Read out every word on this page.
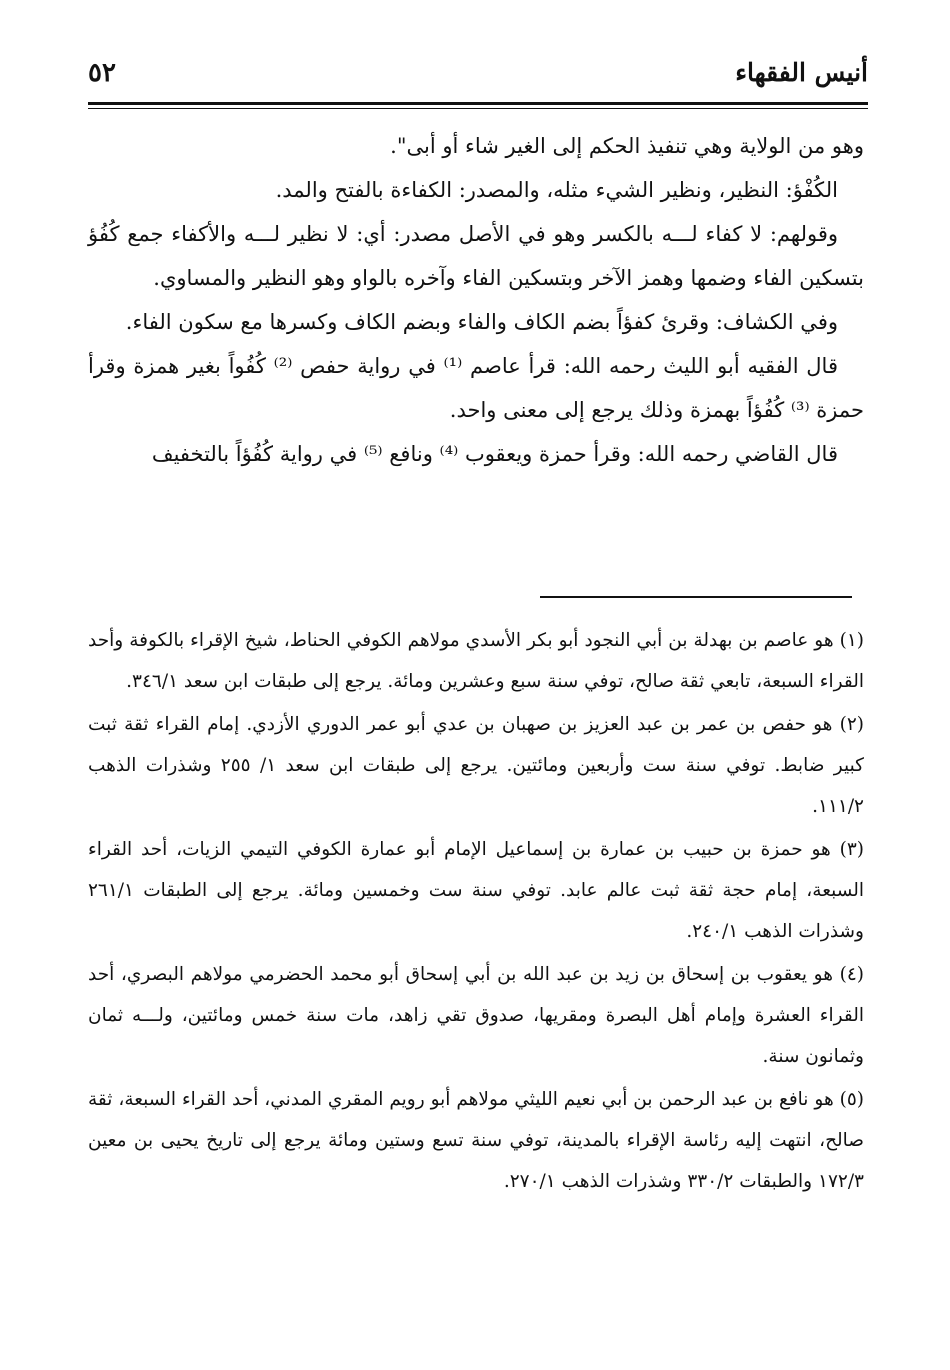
أنيس الفقهاء
٥٢

وهو من الولاية وهي تنفيذ الحكم إلى الغير شاء أو أبى".

الكُفْؤ: النظير، ونظير الشيء مثله، والمصدر: الكفاءة بالفتح والمد.

وقولهم: لا كفاء لـــه بالكسر وهو في الأصل مصدر: أي: لا نظير لـــه والأكفاء جمع كُفُؤ بتسكين الفاء وضمها وهمز الآخر وبتسكين الفاء وآخره بالواو وهو النظير والمساوي.

وفي الكشاف: وقرئ كفؤاً بضم الكاف والفاء وبضم الكاف وكسرها مع سكون الفاء.

قال الفقيه أبو الليث رحمه الله: قرأ عاصم ⁽¹⁾ في رواية حفص ⁽²⁾ كُفُواً بغير همزة وقرأ حمزة ⁽³⁾ كُفُؤاً بهمزة وذلك يرجع إلى معنى واحد.

قال القاضي رحمه الله: وقرأ حمزة ويعقوب ⁽⁴⁾ ونافع ⁽⁵⁾ في رواية كُفُؤاً بالتخفيف

(١) هو عاصم بن بهدلة بن أبي النجود أبو بكر الأسدي مولاهم الكوفي الحناط، شيخ الإقراء بالكوفة وأحد القراء السبعة، تابعي ثقة صالح، توفي سنة سبع وعشرين ومائة. يرجع إلى طبقات ابن سعد ٣٤٦/١.

(٢) هو حفص بن عمر بن عبد العزيز بن صهبان بن عدي أبو عمر الدوري الأزدي. إمام القراء ثقة ثبت كبير ضابط. توفي سنة ست وأربعين ومائتين. يرجع إلى طبقات ابن سعد ١/ ٢٥٥ وشذرات الذهب ١١١/٢.

(٣) هو حمزة بن حبيب بن عمارة بن إسماعيل الإمام أبو عمارة الكوفي التيمي الزيات، أحد القراء السبعة، إمام حجة ثقة ثبت عالم عابد. توفي سنة ست وخمسين ومائة. يرجع إلى الطبقات ٢٦١/١ وشذرات الذهب ٢٤٠/١.

(٤) هو يعقوب بن إسحاق بن زيد بن عبد الله بن أبي إسحاق أبو محمد الحضرمي مولاهم البصري، أحد القراء العشرة وإمام أهل البصرة ومقريها، صدوق تقي زاهد، مات سنة خمس ومائتين، ولـــه ثمان وثمانون سنة.

(٥) هو نافع بن عبد الرحمن بن أبي نعيم الليثي مولاهم أبو رويم المقري المدني، أحد القراء السبعة، ثقة صالح، انتهت إليه رئاسة الإقراء بالمدينة، توفي سنة تسع وستين ومائة يرجع إلى تاريخ يحيى بن معين ١٧٢/٣ والطبقات ٣٣٠/٢ وشذرات الذهب ٢٧٠/١.
